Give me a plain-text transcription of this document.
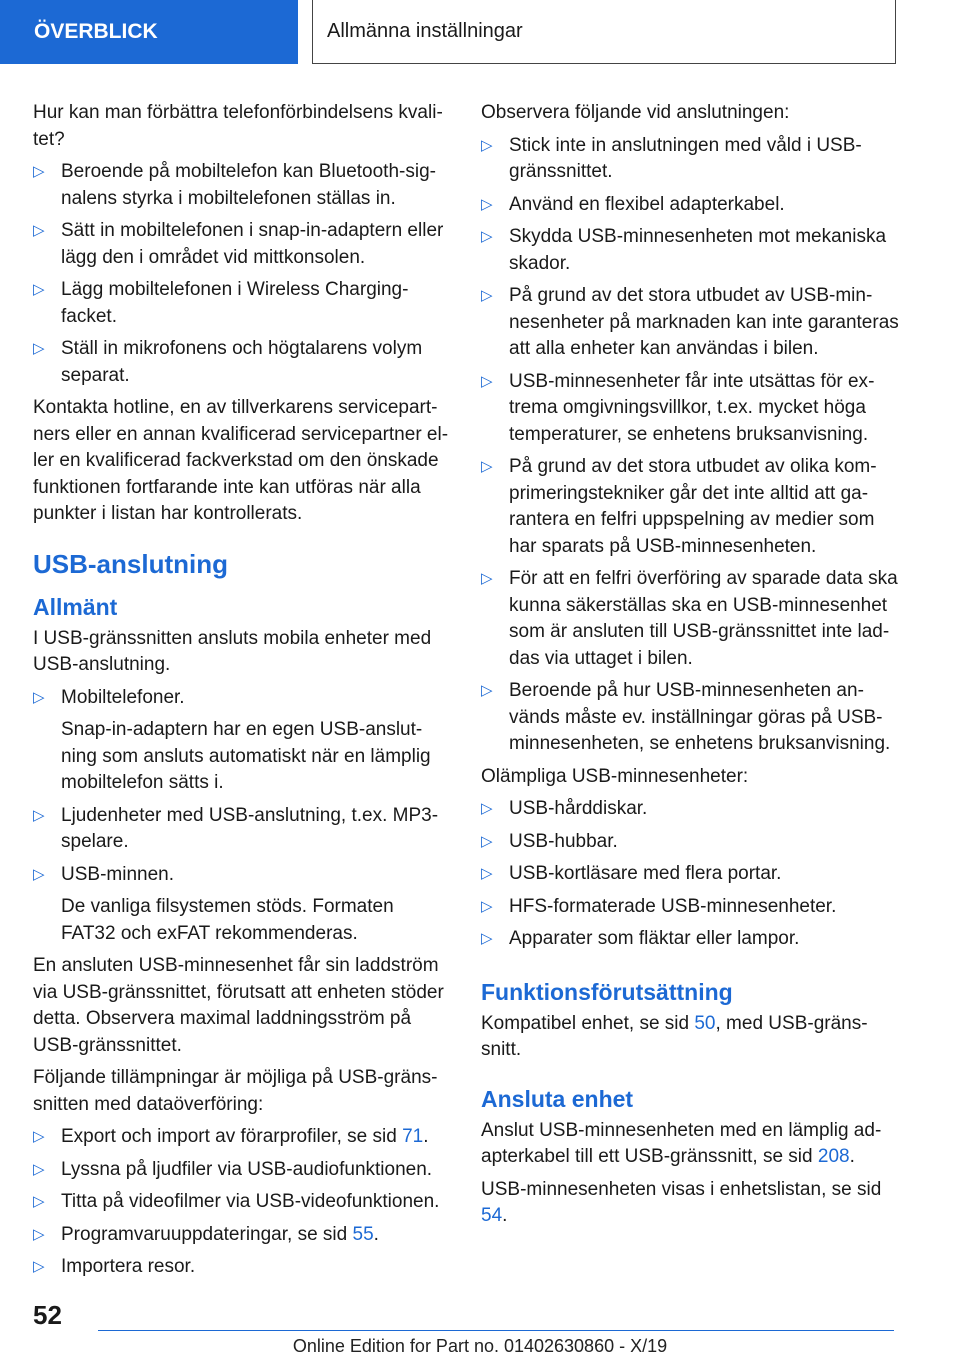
ÖVERBLICK	Allmänna inställningar

Hur kan man förbättra telefonförbindelsens kvalitet?

▷ Beroende på mobiltelefon kan Bluetooth-signalens styrka i mobiltelefonen ställas in.
▷ Sätt in mobiltelefonen i snap-in-adaptern eller lägg den i området vid mittkonsolen.
▷ Lägg mobiltelefonen i Wireless Charging-facket.
▷ Ställ in mikrofonens och högtalarens volym separat.

Kontakta hotline, en av tillverkarens servicepartners eller en annan kvalificerad servicepartner eller en kvalificerad fackverkstad om den önskade funktionen fortfarande inte kan utföras när alla punkter i listan har kontrollerats.

USB-anslutning
Allmänt

I USB-gränssnitten ansluts mobila enheter med USB-anslutning.

▷ Mobiltelefoner.
Snap-in-adaptern har en egen USB-anslutning som ansluts automatiskt när en lämplig mobiltelefon sätts i.
▷ Ljudenheter med USB-anslutning, t.ex. MP3-spelare.
▷ USB-minnen.
De vanliga filsystemen stöds. Formaten FAT32 och exFAT rekommenderas.

En ansluten USB-minnesenhet får sin laddström via USB-gränssnittet, förutsatt att enheten stöder detta. Observera maximal laddningsström på USB-gränssnittet.

Följande tillämpningar är möjliga på USB-gränssnitten med dataöverföring:

▷ Export och import av förarprofiler, se sid 71.
▷ Lyssna på ljudfiler via USB-audiofunktionen.
▷ Titta på videofilmer via USB-videofunktionen.
▷ Programvaruuppdateringar, se sid 55.
▷ Importera resor.

Observera följande vid anslutningen:

▷ Stick inte in anslutningen med våld i USB-gränssnittet.
▷ Använd en flexibel adapterkabel.
▷ Skydda USB-minnesenheten mot mekaniska skador.
▷ På grund av det stora utbudet av USB-minnesenheter på marknaden kan inte garanteras att alla enheter kan användas i bilen.
▷ USB-minnesenheter får inte utsättas för extrema omgivningsvillkor, t.ex. mycket höga temperaturer, se enhetens bruksanvisning.
▷ På grund av det stora utbudet av olika komprimeringstekniker går det inte alltid att garantera en felfri uppspelning av medier som har sparats på USB-minnesenheten.
▷ För att en felfri överföring av sparade data ska kunna säkerställas ska en USB-minnesenhet som är ansluten till USB-gränssnittet inte laddas via uttaget i bilen.
▷ Beroende på hur USB-minnesenheten används måste ev. inställningar göras på USB-minnesenheten, se enhetens bruksanvisning.

Olämpliga USB-minnesenheter:

▷ USB-hårddiskar.
▷ USB-hubbar.
▷ USB-kortläsare med flera portar.
▷ HFS-formaterade USB-minnesenheter.
▷ Apparater som fläktar eller lampor.
Funktionsförutsättning

Kompatibel enhet, se sid 50, med USB-gränssnitt.

Ansluta enhet

Anslut USB-minnesenheten med en lämplig adapterkabel till ett USB-gränssnitt, se sid 208.

USB-minnesenheten visas i enhetslistan, se sid 54.

52
Online Edition for Part no. 01402630860 - X/19
